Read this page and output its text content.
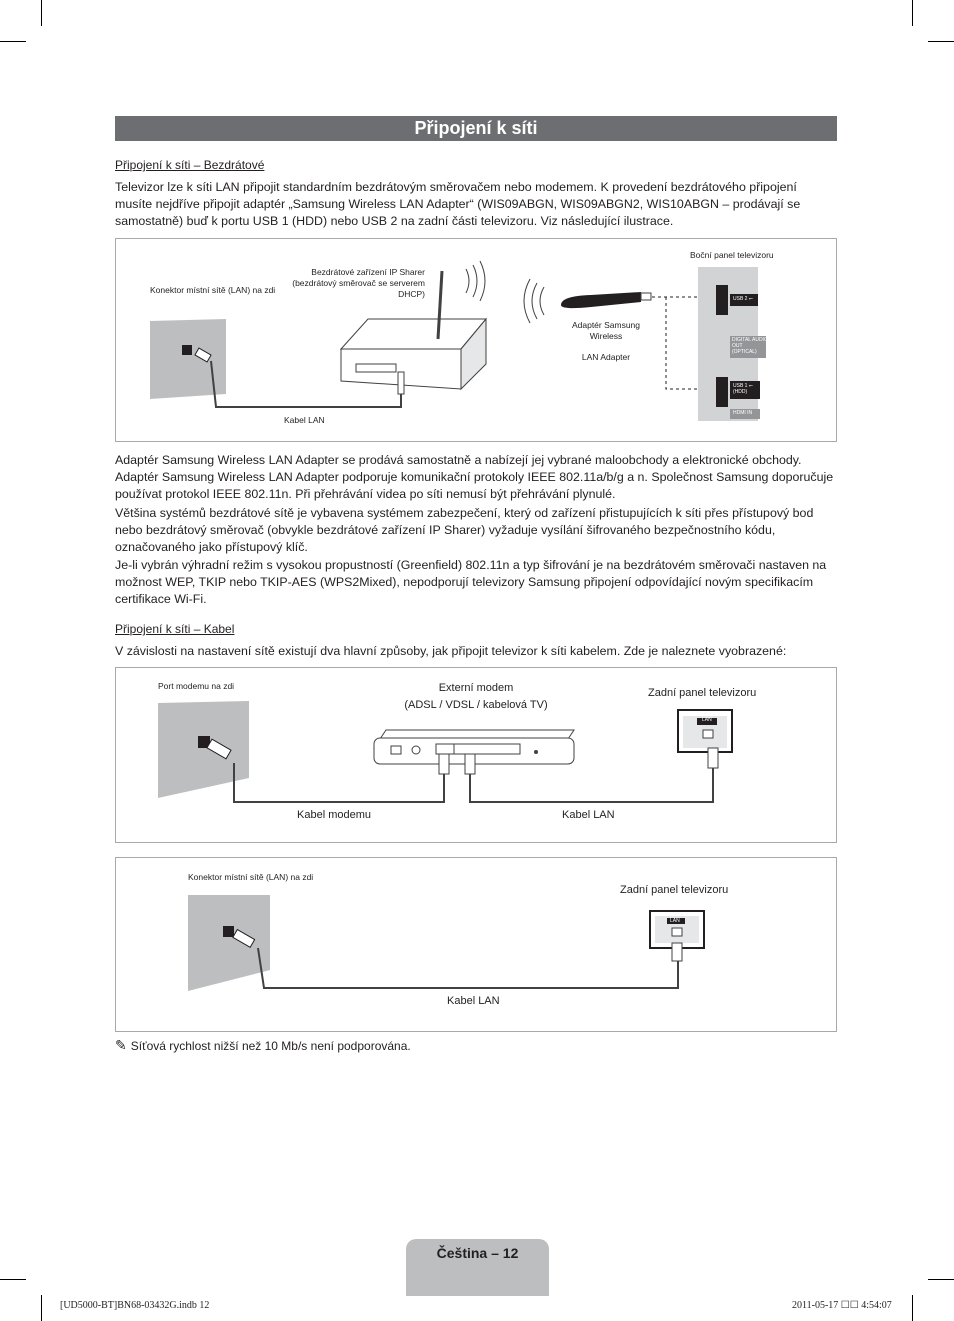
Připojení k síti
Připojení k síti – Bezdrátové

Televizor lze k síti LAN připojit standardním bezdrátovým směrovačem nebo modemem. K provedení bezdrátového připojení musíte nejdříve připojit adaptér „Samsung Wireless LAN Adapter“ (WIS09ABGN, WIS09ABGN2, WIS10ABGN – prodávají se samostatně) buď k portu USB 1 (HDD) nebo USB 2 na zadní části televizoru. Viz následující ilustrace.

Konektor místní sítě (LAN) na zdi
Bezdrátové zařízení IP Sharer (bezdrátový směrovač se serverem DHCP)
Kabel LAN
Adaptér Samsung Wireless
LAN Adapter
Boční panel televizoru
USB 2 ⭠
DIGITAL AUDIO OUT (OPTICAL)
USB 1 ⭠ (HDD)
HDMI IN

Adaptér Samsung Wireless LAN Adapter se prodává samostatně a nabízejí jej vybrané maloobchody a elektronické obchody. Adaptér Samsung Wireless LAN Adapter podporuje komunikační protokoly IEEE 802.11a/b/g a n. Společnost Samsung doporučuje používat protokol IEEE 802.11n. Při přehrávání videa po síti nemusí být přehrávání plynulé.

Většina systémů bezdrátové sítě je vybavena systémem zabezpečení, který od zařízení přistupujících k síti přes přístupový bod nebo bezdrátový směrovač (obvykle bezdrátové zařízení IP Sharer) vyžaduje vysílání šifrovaného bezpečnostního kódu, označovaného jako přístupový klíč.

Je-li vybrán výhradní režim s vysokou propustností (Greenfield) 802.11n a typ šifrování je na bezdrátovém směrovači nastaven na možnost WEP, TKIP nebo TKIP-AES (WPS2Mixed), nepodporují televizory Samsung připojení odpovídající novým specifikacím certifikace Wi-Fi.

Připojení k síti – Kabel

V závislosti na nastavení sítě existují dva hlavní způsoby, jak připojit televizor k síti kabelem. Zde je naleznete vyobrazené:

Port modemu na zdi	Externí modem
(ADSL / VDSL / kabelová TV)
Zadní panel televizoru
LAN
Kabel modemu	Kabel LAN
Konektor místní sítě (LAN) na zdi
Zadní panel televizoru
LAN
Kabel LAN
✎ Síťová rychlost nižší než 10 Mb/s není podporována.
Čeština – 12
[UD5000-BT]BN68-03432G.indb 12	2011-05-17 ☐☐ 4:54:07
